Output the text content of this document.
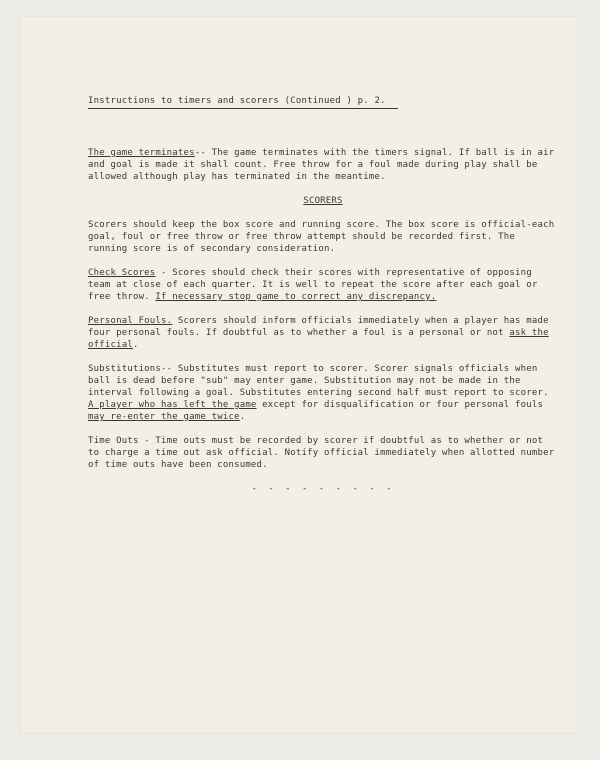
Instructions to timers and scorers (Continued ) p. 2.

The game terminates-- The game terminates with the timers signal. If ball is in air and goal is made it shall count. Free throw for a foul made during play shall be allowed although play has terminated in the meantime.

SCORERS

Scorers should keep the box score and running score. The box score is official-each goal, foul or free throw or free throw attempt should be recorded first. The running score is of secondary consideration.

Check Scores - Scores should check their scores with representative of opposing team at close of each quarter. It is well to repeat the score after each goal or free throw. If necessary stop game to correct any discrepancy.

Personal Fouls. Scorers should inform officials immediately when a player has made four personal fouls. If doubtful as to whether a foul is a personal or not ask the official.

Substitutions-- Substitutes must report to scorer. Scorer signals officials when ball is dead before "sub" may enter game. Substitution may not be made in the interval following a goal. Substitutes entering second half must report to scorer. A player who has left the game except for disqualification or four personal fouls may re-enter the game twice.

Time Outs - Time outs must be recorded by scorer if doubtful as to whether or not to charge a time out ask official. Notify official immediately when allotted number of time outs have been consumed.

- - - - - - - - -
